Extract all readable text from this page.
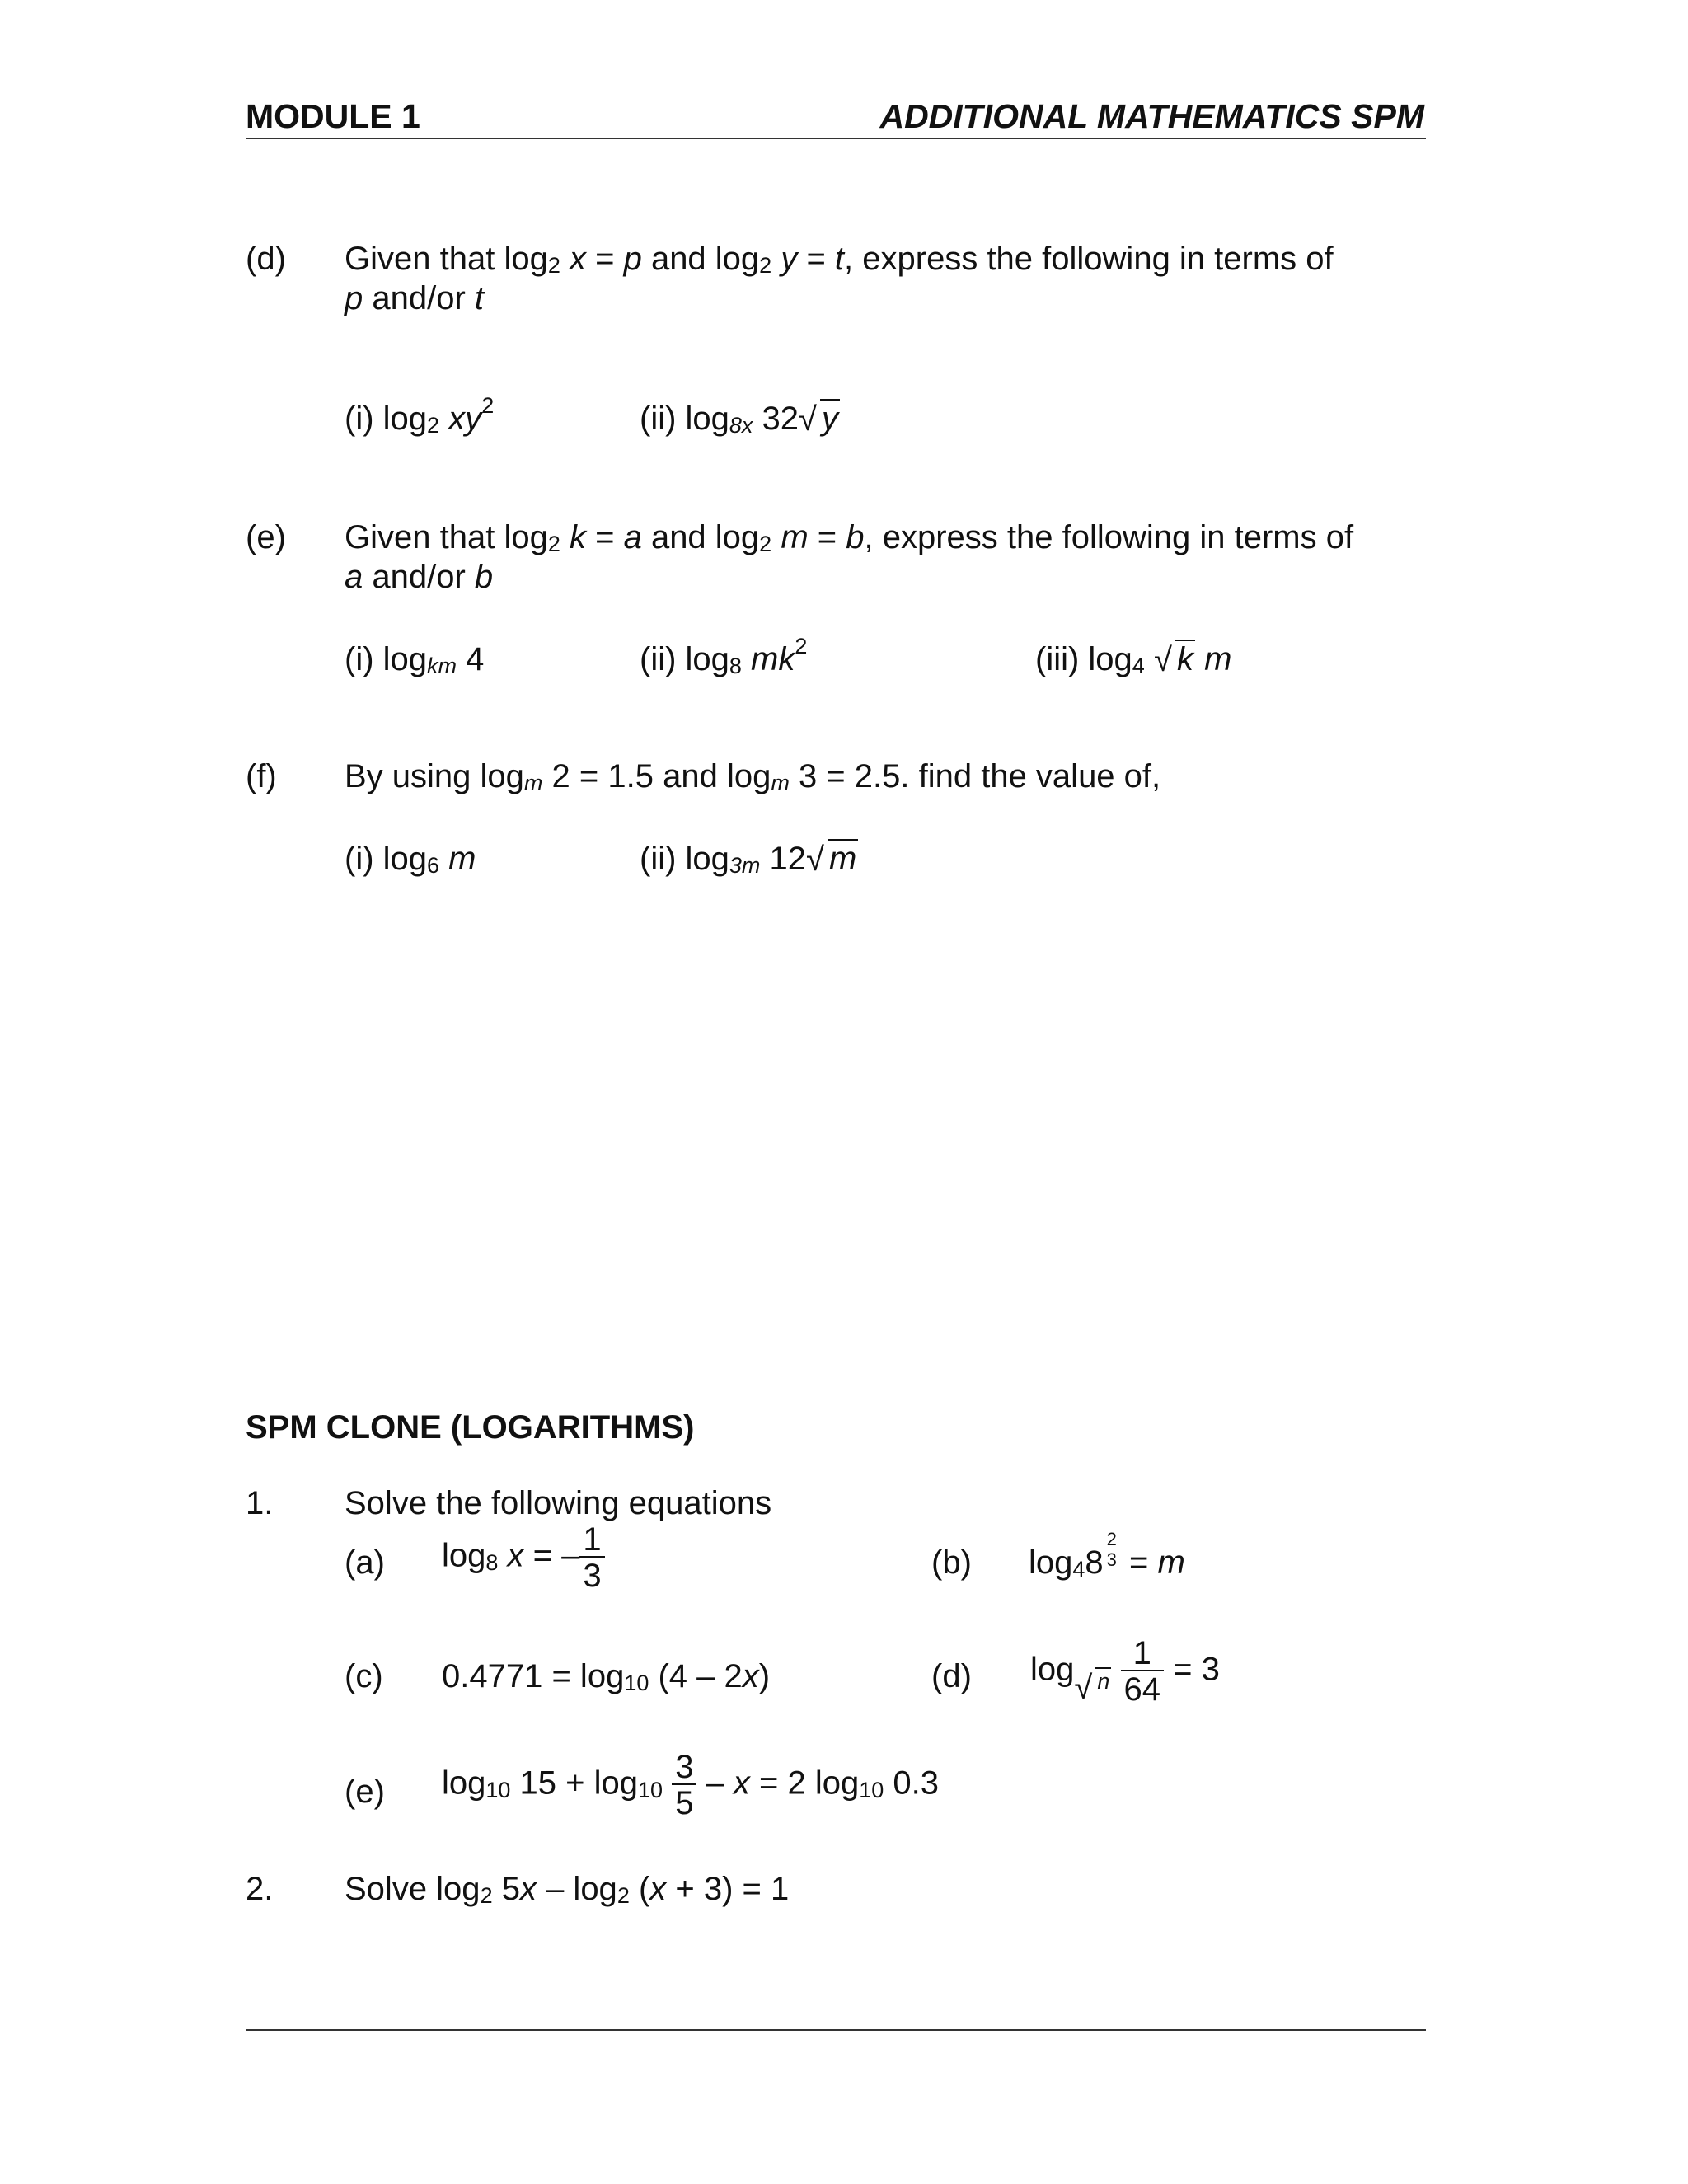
MODULE 1	ADDITIONAL MATHEMATICS SPM
(d) Given that log2 x = p and log2 y = t, express the following in terms of
p and/or t
(i) log2 $xy^2$	(ii) log8x 32 √ y
(e) Given that log2 k = a and log2 m = b, express the following in terms of
a and/or b
(i) logkm 4	(ii) log8 $mk^2$	(iii) log4 √ k m
(f) By using logm 2 = 1.5 and logm 3 = 2.5. find the value of,
(i) log6 m	(ii) log3m 12 √ m
SPM CLONE (LOGARITHMS)
1. Solve the following equations
(a) log8 x = – $\frac{1}{3}$	(b) $\log 48 \frac{2}{3} = m$
(c) 0.4771 = log10 (4 – 2x)	(d) log √ n $\frac{1}{64} = 3$
(e) log10 $15 + \log 10 \frac{3}{5} - x = 2$ log10 0.3
2. Solve log2 5x – log2 (x + 3) = 1
